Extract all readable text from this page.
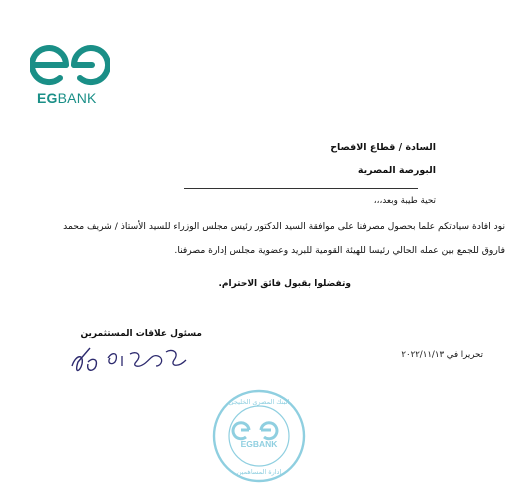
EGBANK
السادة / قطاع الافصاح
البورصة المصرية
تحية طيبة وبعد،،،
نود افادة سيادتكم علما بحصول مصرفنا على موافقة السيد الدكتور رئيس مجلس الوزراء للسيد الأستاذ / شريف محمد
فاروق للجمع بين عمله الحالي رئيسا للهيئة القومية للبريد وعضوية مجلس إدارة مصرفنا.
وتفضلوا بقبول فائق الاحترام.
مسئول علاقات المستثمرين
تحريرا في ٢٠٢٢/١١/١٣
EGBANK
البنك المصرى الخليجى
إدارة المساهمين
